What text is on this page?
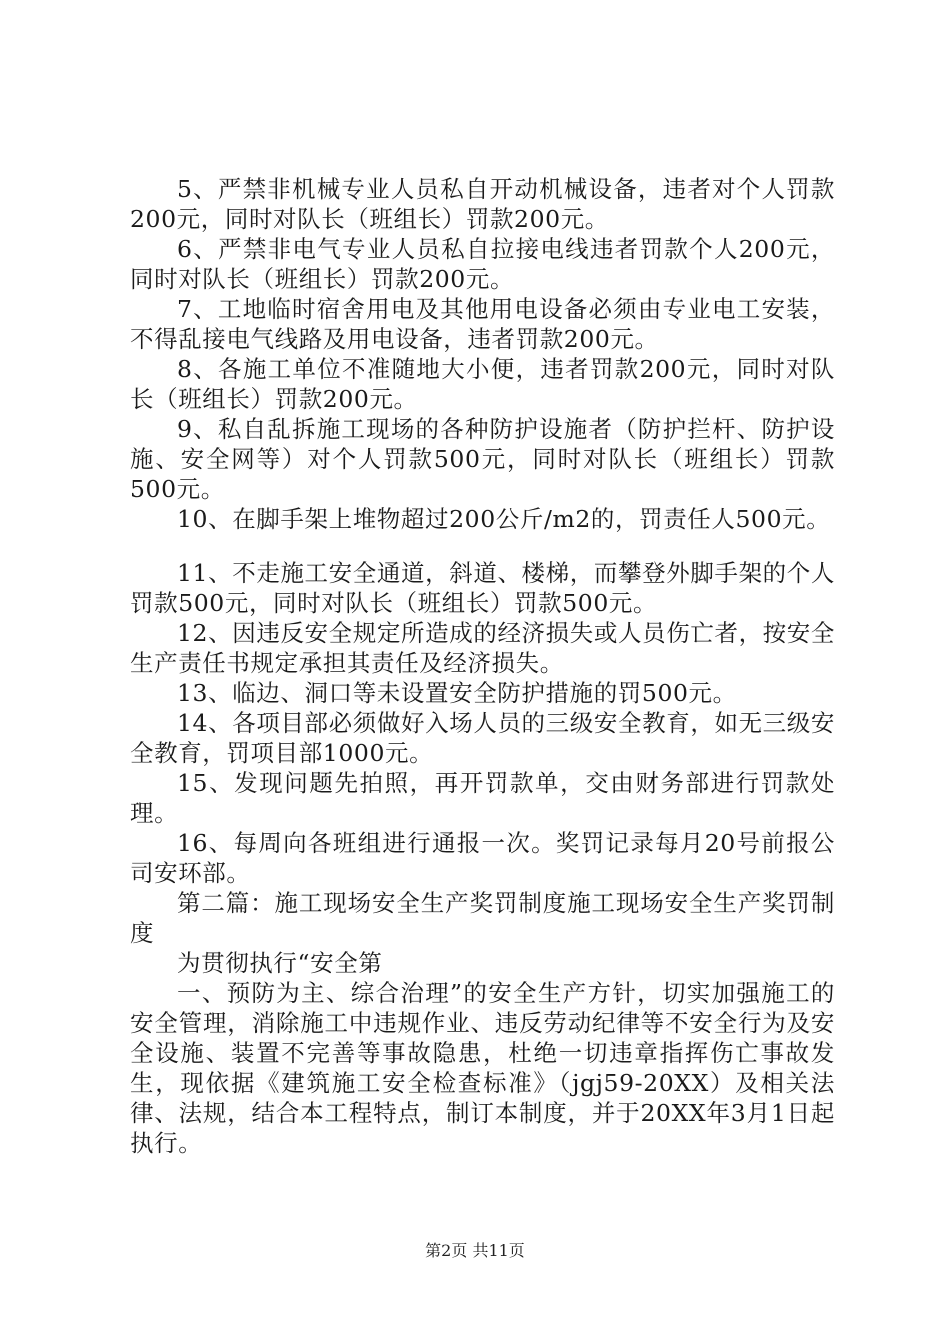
5、严禁非机械专业人员私自开动机械设备，违者对个人罚款200元，同时对队长（班组长）罚款200元。

6、严禁非电气专业人员私自拉接电线违者罚款个人200元，同时对队长（班组长）罚款200元。

7、工地临时宿舍用电及其他用电设备必须由专业电工安装，不得乱接电气线路及用电设备，违者罚款200元。

8、各施工单位不准随地大小便，违者罚款200元，同时对队长（班组长）罚款200元。

9、私自乱拆施工现场的各种防护设施者（防护拦杆、防护设施、安全网等）对个人罚款500元，同时对队长（班组长）罚款500元。

10、在脚手架上堆物超过200公斤/m2的，罚责任人500元。

11、不走施工安全通道，斜道、楼梯，而攀登外脚手架的个人罚款500元，同时对队长（班组长）罚款500元。

12、因违反安全规定所造成的经济损失或人员伤亡者，按安全生产责任书规定承担其责任及经济损失。

13、临边、洞口等未设置安全防护措施的罚500元。

14、各项目部必须做好入场人员的三级安全教育，如无三级安全教育，罚项目部1000元。

15、发现问题先拍照，再开罚款单，交由财务部进行罚款处理。

16、每周向各班组进行通报一次。奖罚记录每月20号前报公司安环部。

第二篇：施工现场安全生产奖罚制度施工现场安全生产奖罚制度

为贯彻执行“安全第

一、预防为主、综合治理”的安全生产方针，切实加强施工的安全管理，消除施工中违规作业、违反劳动纪律等不安全行为及安全设施、装置不完善等事故隐患，杜绝一切违章指挥伤亡事故发生，现依据《建筑施工安全检查标准》（jgj59-20XX）及相关法律、法规，结合本工程特点，制订本制度，并于20XX年3月1日起执行。

第2页 共11页
